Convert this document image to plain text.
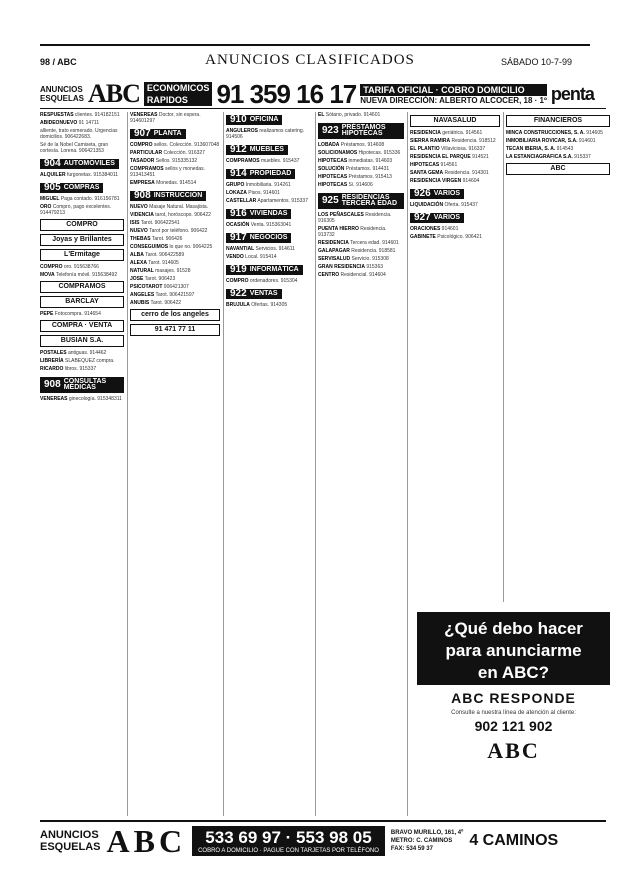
98 / ABC	ANUNCIOS CLASIFICADOS	SÁBADO 10-7-99
ANUNCIOS
ESQUELAS ABC ECONOMICOS
RAPIDOS	91 359 16 17 TARIFA OFICIAL · COBRO DOMICILIO
NUEVA DIRECCIÓN: ALBERTO ALCOCER, 18 · 1º penta

RESPUESTAS clientes. 914182151

ABIDEONUEVO 91 14711

alliente, trato esmerado. Urgencias domicilios. 906422683.

Sé de la Nobel Camiseta, gran cortesía. Lorena. 906421353

904 AUTOMÓVILES

ALQUILER furgonetas. 915384011

905 COMPRAS

MIGUEL Paga contado. 916156781

ORO Compro, pago excelentes. 914479213

COMPRO
Joyas y Brillantes
L'Ermitage

COMPRO oro. 915638766

MOVA Telefonía móvil. 915638492

COMPRAMOS
BARCLAY

PEPE Fotocompra. 914654

COMPRA · VENTA
BUSIAN S.A.

POSTALES antiguas. 914462

LIBRERÍA SLABEQUEZ compra.

RICARDO libros. 915337

908 CONSULTAS MÉDICAS

VENEREAS ginecología. 915348311

VENEREAS Doctor, sin espera. 914601297

907 PLANTA

COMPRO sellos. Colección. 913607048

PARTICULAR Colección. 916327

TASADOR Sellos. 915335132

COMPRAMOS sellos y monedas. 913413451

EMPRESA Monedas. 914514

908 INSTRUCCIÓN

NUEVO Masaje Natural. Masajista.

VIDENCIA tarot, horóscopo. 906422

ISIS Tarot. 906422541

NUEVO Tarot por teléfono. 906422

THEBAS Tarot. 906426

CONSEGUIMOS lo que no. 9064225

ALBA Tarot. 906422589

ALEXA Tarot. 914605

NATURAL masajes. 91528

JOSE Tarot. 906423

PSICOTAROT 906421307

ANGELES Tarot. 906421597

ANUBIS Tarot. 906422

cerro de los angeles
91 471 77 11
910 OFICINA

ANGULEROS realizamos catering. 914506

912 MUEBLES

COMPRAMOS muebles. 915437

914 PROPIEDAD

GRUPO Inmobiliaria. 914261

LOKAZA Pisos. 914601

CASTELLAR Apartamentos. 915337

916 VIVIENDAS

OCASIÓN Venta. 915363041

917 NEGOCIOS

NAVANTIAL Servicios. 914611

VENDO Local. 915414

919 INFORMÁTICA

COMPRO ordenadores. 915304

922 VENTAS

BRUJULA Ofertas. 914305

EL Sótano, privado. 914601

923 PRÉSTAMOS HIPOTECAS

LOBADA Préstamos. 914608

SOLICIONAMOS Hipotecas. 915336

HIPOTECAS inmediatas. 914603

SOLUCIÓN Préstamos. 914431

HIPOTECAS Préstamos. 915413

HIPOTECAS Sí. 914606

925 RESIDENCIAS TERCERA EDAD

LOS PEÑASCALES Residencia. 916305

PUENTA HIERRO Residencia. 913732

RESIDENCIA Tercera edad. 914601

GALAPAGAR Residencia. 918581

SERVISALUD Servicio. 915308

GRAN RESIDENCIA 915363

CENTRO Residencial. 914604

NAVASALUD

RESIDENCIA geriátrica. 914561

SIERRA RAMIRA Residencia. 918512

EL PLANTIO Villaviciosa. 916337

RESIDENCIA EL PARQUE 914521

HIPOTECAS 914561

SANTA GEMA Residencia. 914301

RESIDENCIA VIRGEN 914604

926 VARIOS

LIQUIDACIÓN Oferta. 915437

927 VARIOS

ORACIONES 914601

GABINETE Psicológico. 906421

FINANCIEROS

MINCA CONSTRUCCIONES, S. A. 914605

INMOBILIARIA ROVICAR, S.A. 914601

TECAN IBERIA, S. A. 914543

LA ESTANCIAGRAFICA S.A. 915337

ABC
¿Qué debo hacer
para anunciarme
en ABC?
ABC RESPONDE
Consulte a nuestra línea de atención al cliente:
902 121 902
ABC
ANUNCIOS
ESQUELAS ABC	533 69 97 · 553 98 05
COBRO A DOMICILIO · PAGUE CON TARJETAS POR TELÉFONO
BRAVO MURILLO, 161, 4º
METRO: C. CAMINOS
FAX: 534 59 37	4 CAMINOS
